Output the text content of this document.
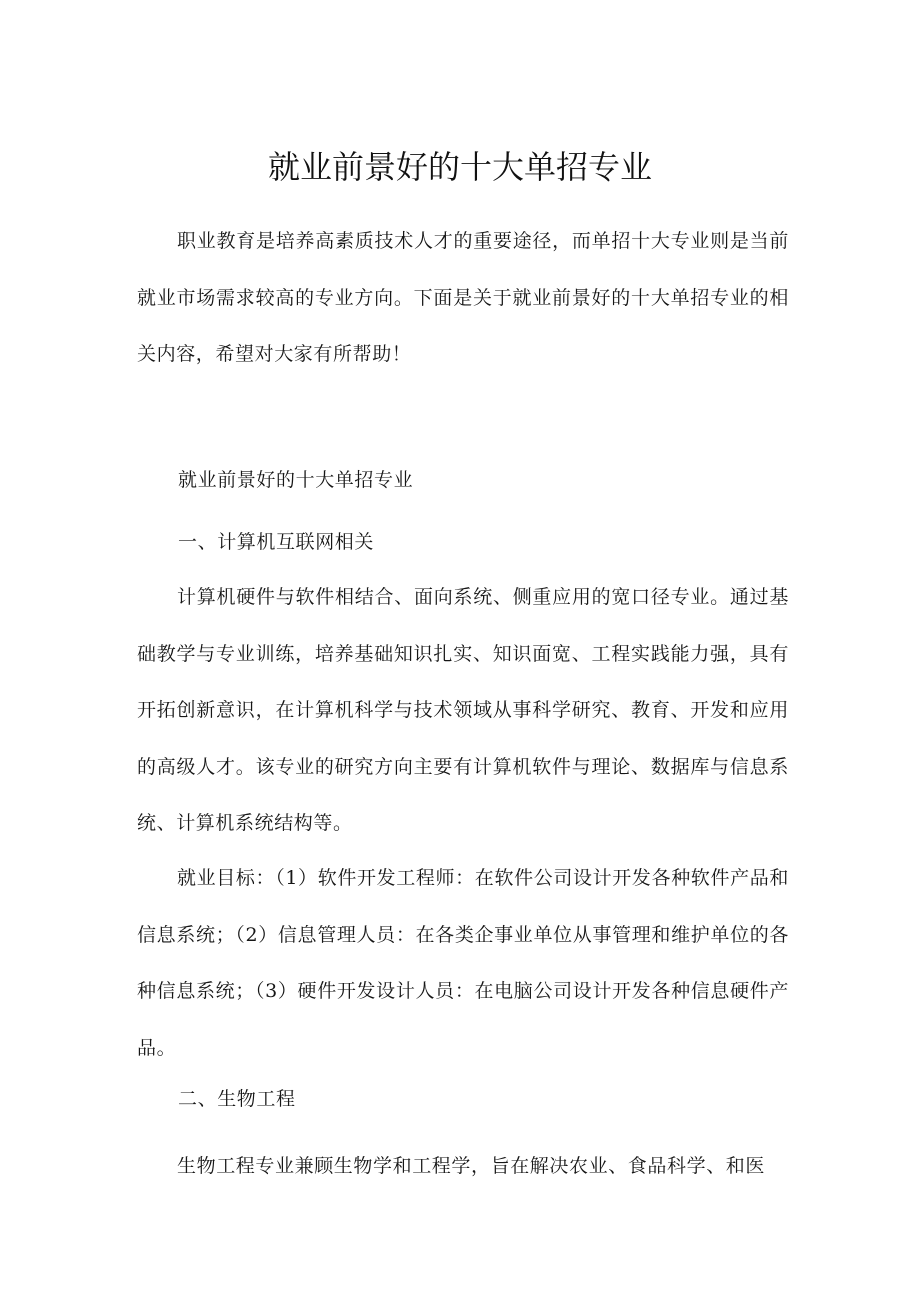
就业前景好的十大单招专业

职业教育是培养高素质技术人才的重要途径，而单招十大专业则是当前就业市场需求较高的专业方向。下面是关于就业前景好的十大单招专业的相关内容，希望对大家有所帮助！

就业前景好的十大单招专业

一、计算机互联网相关

计算机硬件与软件相结合、面向系统、侧重应用的宽口径专业。通过基础教学与专业训练，培养基础知识扎实、知识面宽、工程实践能力强，具有开拓创新意识，在计算机科学与技术领域从事科学研究、教育、开发和应用的高级人才。该专业的研究方向主要有计算机软件与理论、数据库与信息系统、计算机系统结构等。

就业目标：（1）软件开发工程师：在软件公司设计开发各种软件产品和信息系统；（2）信息管理人员：在各类企事业单位从事管理和维护单位的各种信息系统；（3）硬件开发设计人员：在电脑公司设计开发各种信息硬件产品。

二、生物工程

生物工程专业兼顾生物学和工程学，旨在解决农业、食品科学、和医
